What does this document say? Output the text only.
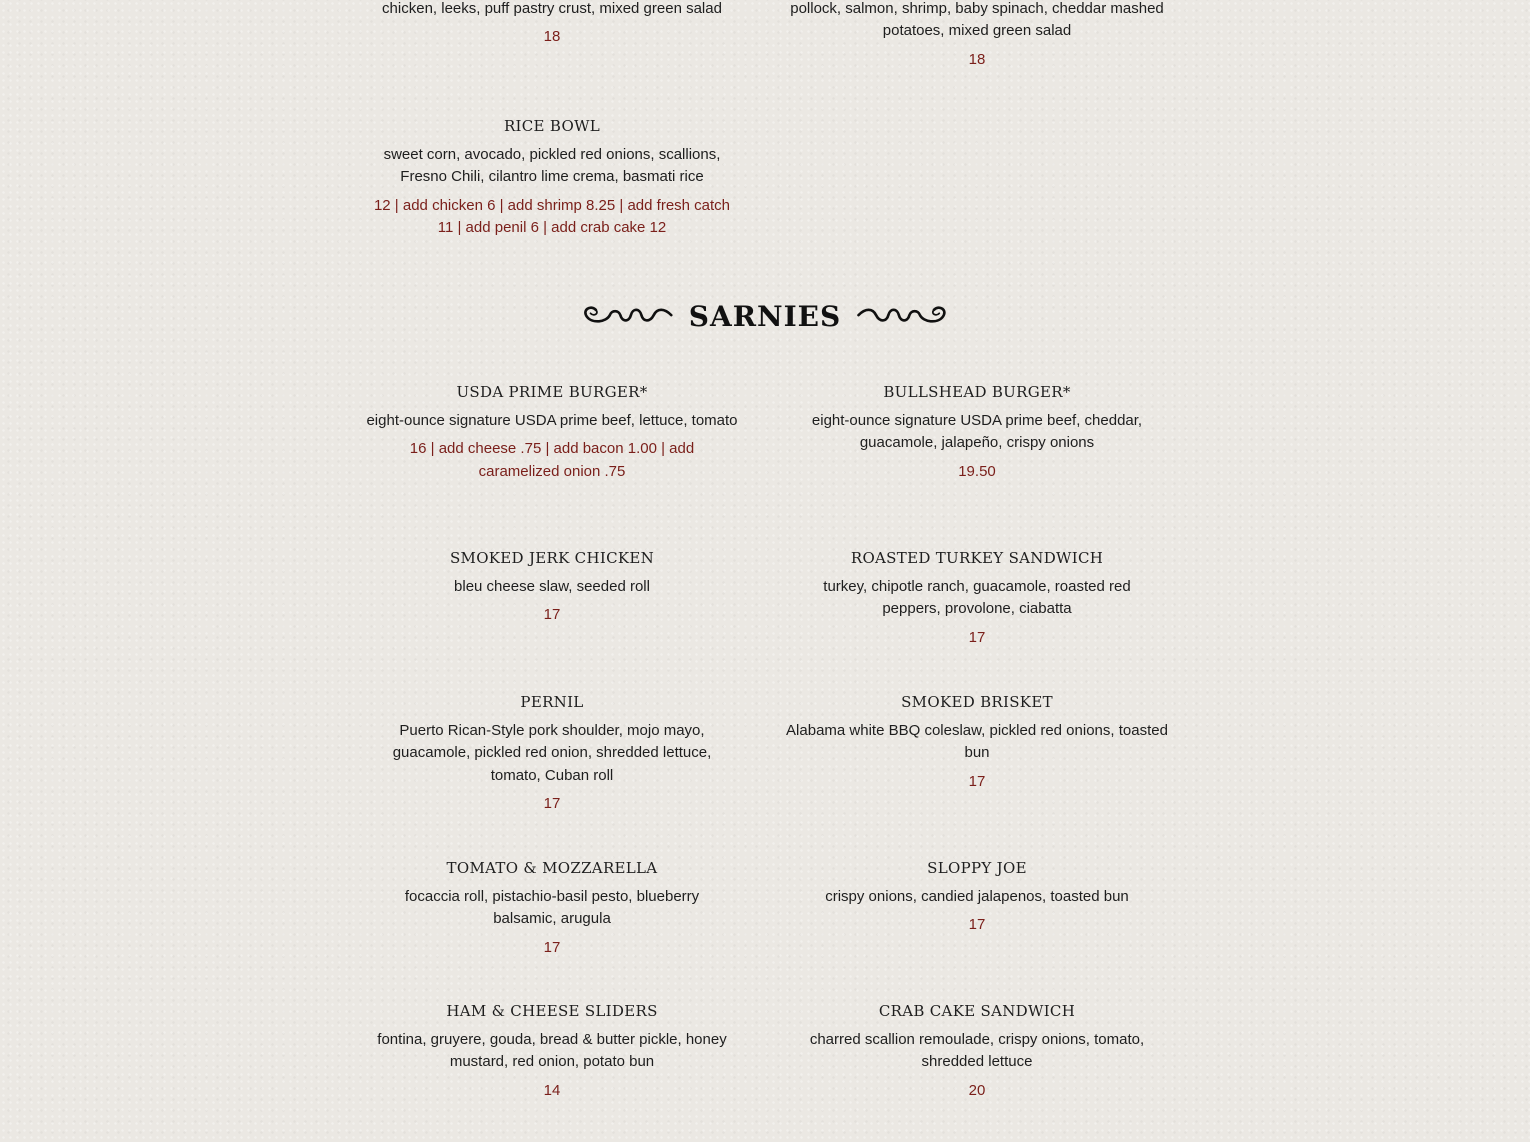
chicken, leeks, puff pastry crust, mixed green salad
18
pollock, salmon, shrimp, baby spinach, cheddar mashed potatoes, mixed green salad
18
RICE BOWL
sweet corn, avocado, pickled red onions, scallions, Fresno Chili, cilantro lime crema, basmati rice
12 | add chicken 6 | add shrimp 8.25 | add fresh catch 11 | add penil 6 | add crab cake 12
SARNIES
USDA PRIME BURGER*
eight-ounce signature USDA prime beef, lettuce, tomato
16 | add cheese .75 | add bacon 1.00 | add caramelized onion .75
BULLSHEAD BURGER*
eight-ounce signature USDA prime beef, cheddar, guacamole, jalapeño, crispy onions
19.50
SMOKED JERK CHICKEN
bleu cheese slaw, seeded roll
17
ROASTED TURKEY SANDWICH
turkey, chipotle ranch, guacamole, roasted red peppers, provolone, ciabatta
17
PERNIL
Puerto Rican-Style pork shoulder, mojo mayo, guacamole, pickled red onion, shredded lettuce, tomato, Cuban roll
17
SMOKED BRISKET
Alabama white BBQ coleslaw, pickled red onions, toasted bun
17
TOMATO & MOZZARELLA
focaccia roll, pistachio-basil pesto, blueberry balsamic, arugula
17
SLOPPY JOE
crispy onions, candied jalapenos, toasted bun
17
HAM & CHEESE SLIDERS
fontina, gruyere, gouda, bread & butter pickle, honey mustard, red onion, potato bun
14
CRAB CAKE SANDWICH
charred scallion remoulade, crispy onions, tomato, shredded lettuce
20
